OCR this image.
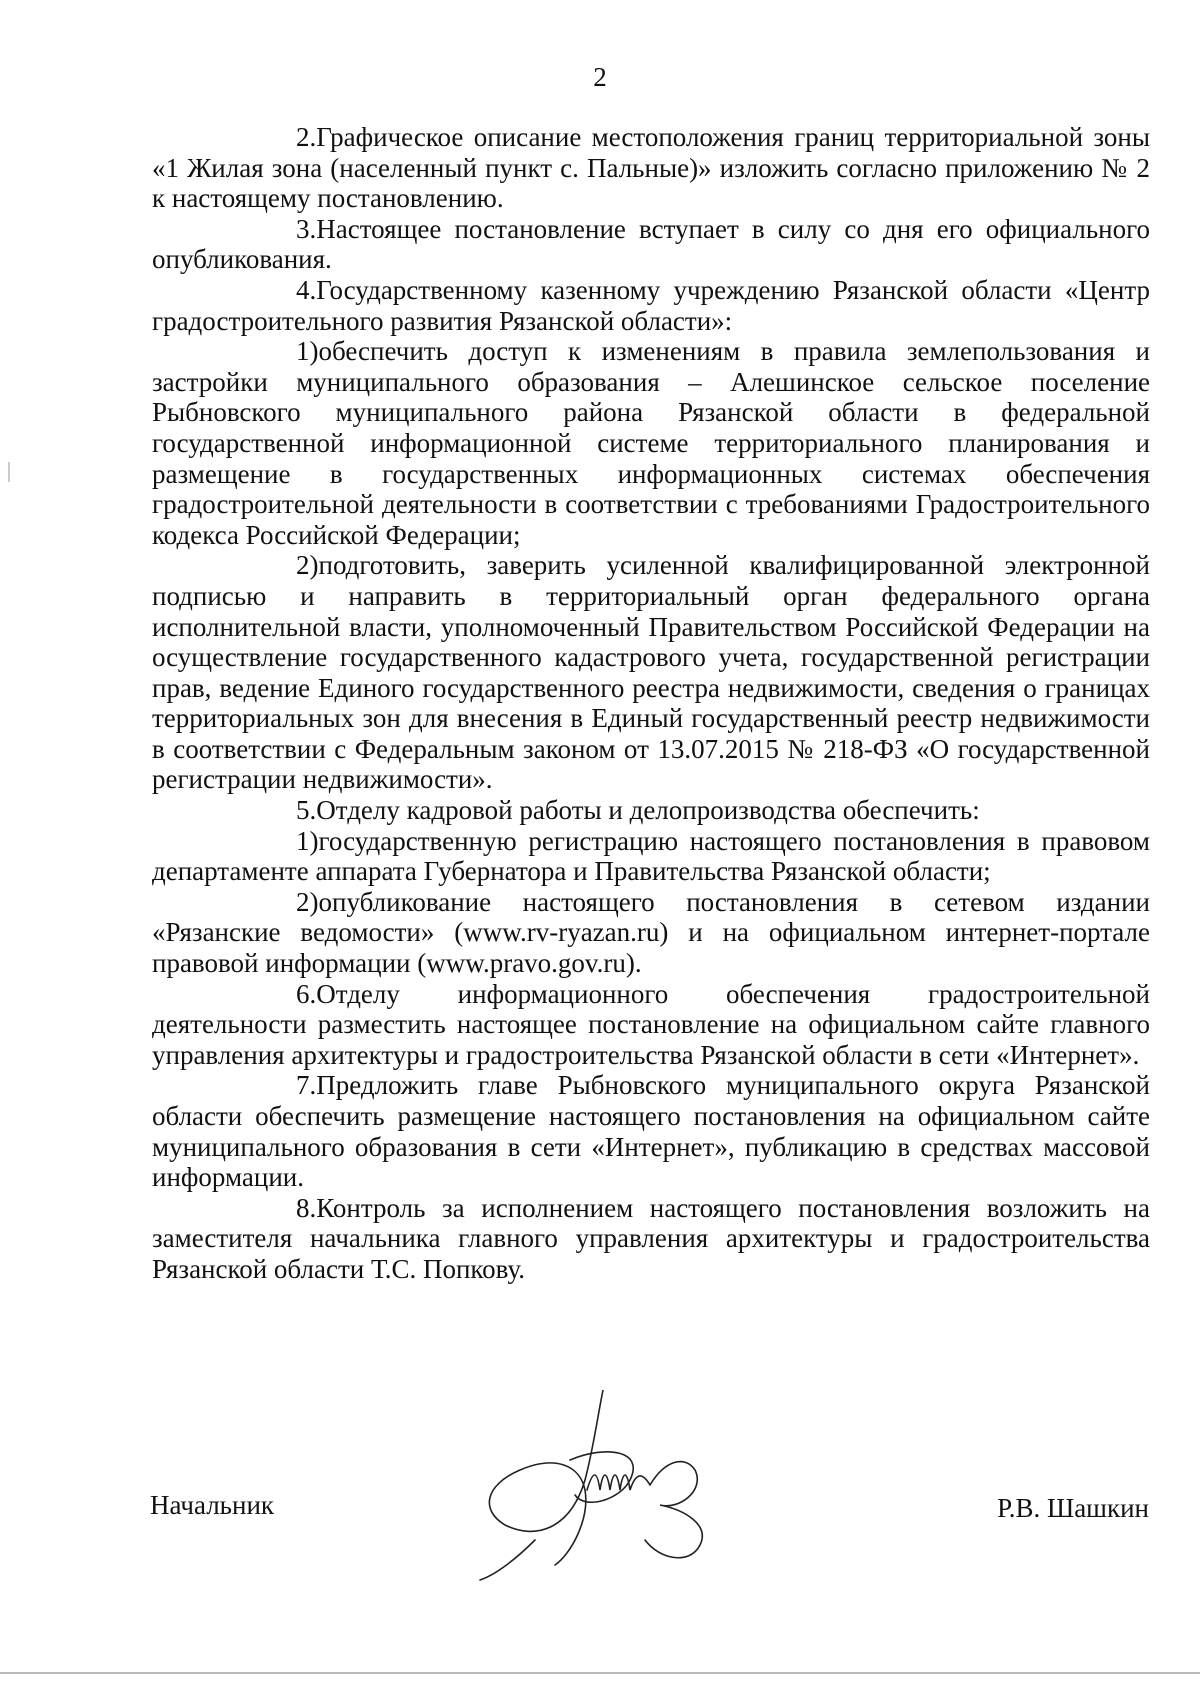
2

2.Графическое описание местоположения границ территориальной зоны «1 Жилая зона (населенный пункт с. Пальные)» изложить согласно приложению № 2 к настоящему постановлению.

3.Настоящее постановление вступает в силу со дня его официального опубликования.

4.Государственному казенному учреждению Рязанской области «Центр градостроительного развития Рязанской области»:

1)обеспечить доступ к изменениям в правила землепользования и застройки муниципального образования – Алешинское сельское поселение Рыбновского муниципального района Рязанской области в федеральной государственной информационной системе территориального планирования и размещение в государственных информационных системах обеспечения градостроительной деятельности в соответствии с требованиями Градостроительного кодекса Российской Федерации;

2)подготовить, заверить усиленной квалифицированной электронной подписью и направить в территориальный орган федерального органа исполнительной власти, уполномоченный Правительством Российской Федерации на осуществление государственного кадастрового учета, государственной регистрации прав, ведение Единого государственного реестра недвижимости, сведения о границах территориальных зон для внесения в Единый государственный реестр недвижимости в соответствии с Федеральным законом от 13.07.2015 № 218-ФЗ «О государственной регистрации недвижимости».

5.Отделу кадровой работы и делопроизводства обеспечить:

1)государственную регистрацию настоящего постановления в правовом департаменте аппарата Губернатора и Правительства Рязанской области;

2)опубликование настоящего постановления в сетевом издании «Рязанские ведомости» (www.rv-ryazan.ru) и на официальном интернет-портале правовой информации (www.pravo.gov.ru).

6.Отделу информационного обеспечения градостроительной деятельности разместить настоящее постановление на официальном сайте главного управления архитектуры и градостроительства Рязанской области в сети «Интернет».

7.Предложить главе Рыбновского муниципального округа Рязанской области обеспечить размещение настоящего постановления на официальном сайте муниципального образования в сети «Интернет», публикацию в средствах массовой информации.

8.Контроль за исполнением настоящего постановления возложить на заместителя начальника главного управления архитектуры и градостроительства Рязанской области Т.С. Попкову.

Начальник	Р.В. Шашкин
